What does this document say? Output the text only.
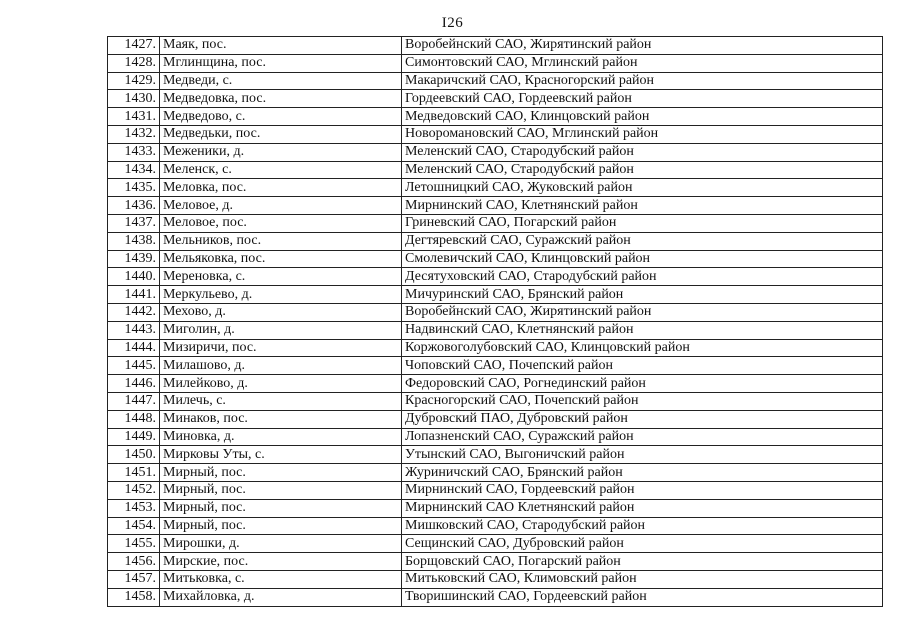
I26
1427.	Маяк, пос.	Воробейнский САО, Жирятинский район
1428.	Мглинщина, пос.	Симонтовский САО, Мглинский район
1429.	Медведи, с.	Макаричский САО, Красногорский район
1430.	Медведовка, пос.	Гордеевский САО, Гордеевский район
1431.	Медведово, с.	Медведовский САО, Клинцовский район
1432.	Медведьки, пос.	Новоромановский САО, Мглинский район
1433.	Меженики, д.	Меленский САО, Стародубский район
1434.	Меленск, с.	Меленский САО, Стародубский район
1435.	Меловка, пос.	Летошницкий САО, Жуковский район
1436.	Меловое, д.	Мирнинский САО, Клетнянский район
1437.	Меловое, пос.	Гриневский САО, Погарский район
1438.	Мельников, пос.	Дегтяревский САО, Суражский район
1439.	Мельяковка, пос.	Смолевичский САО, Клинцовский район
1440.	Мереновка, с.	Десятуховский САО, Стародубский район
1441.	Меркульево, д.	Мичуринский САО, Брянский район
1442.	Мехово, д.	Воробейнский САО, Жирятинский район
1443.	Миголин, д.	Надвинский САО, Клетнянский район
1444.	Мизиричи, пос.	Коржовоголубовский САО, Клинцовский район
1445.	Милашово, д.	Чоповский САО, Почепский район
1446.	Милейково, д.	Федоровский САО, Рогнединский район
1447.	Милечь, с.	Красногорский САО, Почепский район
1448.	Минаков, пос.	Дубровский ПАО, Дубровский район
1449.	Миновка, д.	Лопазненский САО, Суражский район
1450.	Мирковы Уты, с.	Утынский САО, Выгоничский район
1451.	Мирный, пос.	Журиничский САО, Брянский район
1452.	Мирный, пос.	Мирнинский САО, Гордеевский район
1453.	Мирный, пос.	Мирнинский САО Клетнянский район
1454.	Мирный, пос.	Мишковский САО, Стародубский район
1455.	Мирошки, д.	Сещинский САО, Дубровский район
1456.	Мирские, пос.	Борщовский САО, Погарский район
1457.	Митьковка, с.	Митьковский САО, Климовский район
1458.	Михайловка, д.	Творишинский САО, Гордеевский район
